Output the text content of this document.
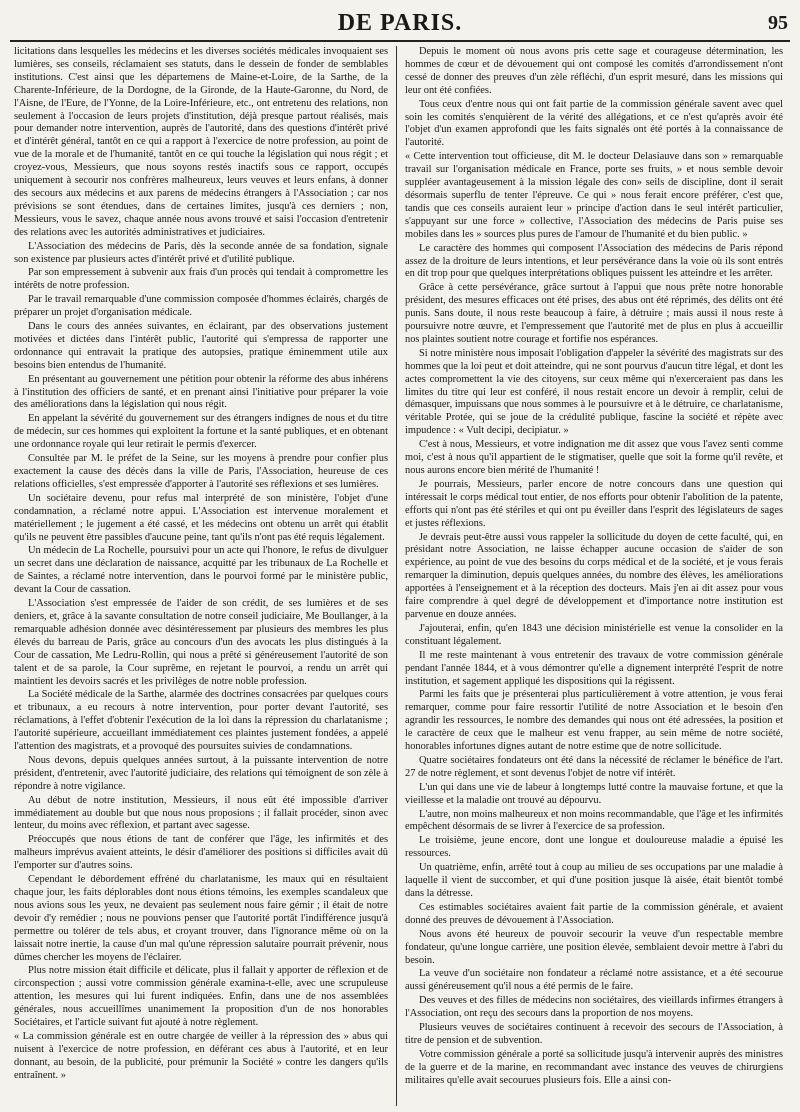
DE PARIS.	95

licitations dans lesquelles les médecins et les diverses sociétés médicales invoquaient ses lumières, ses conseils, réclamaient ses statuts, dans le dessein de fonder de semblables institutions. C'est ainsi que les départemens de Maine-et-Loire, de la Sarthe, de la Charente-Inférieure, de la Dordogne, de la Gironde, de la Haute-Garonne, du Nord, de l'Aisne, de l'Eure, de l'Yonne, de la Loire-Inférieure, etc., ont entretenu des relations, non seulement à l'occasion de leurs projets d'institution, déjà presque partout réalisés, mais pour demander notre intervention, auprès de l'autorité, dans des questions d'intérêt privé et d'intérêt général, tantôt en ce qui a rapport à l'exercice de notre profession, au point de vue de la morale et de l'humanité, tantôt en ce qui touche la législation qui nous régit ; et croyez-vous, Messieurs, que nous soyons restés inactifs sous ce rapport, occupés uniquement à secourir nos confrères malheureux, leurs veuves et leurs enfans, à donner des secours aux médecins et aux parens de médecins étrangers à l'Association ; car nos prévisions se sont étendues, dans de certaines limites, jusqu'à ces derniers ; non, Messieurs, vous le savez, chaque année nous avons trouvé et saisi l'occasion d'entretenir des relations avec les autorités administratives et judiciaires.

L'Association des médecins de Paris, dès la seconde année de sa fondation, signale son existence par plusieurs actes d'intérêt privé et d'utilité publique.

Par son empressement à subvenir aux frais d'un procès qui tendait à compromettre les intérêts de notre profession.

Par le travail remarquable d'une commission composée d'hommes éclairés, chargés de préparer un projet d'organisation médicale.

Dans le cours des années suivantes, en éclairant, par des observations justement motivées et dictées dans l'intérêt public, l'autorité qui s'empressa de rapporter une ordonnance qui entravait la pratique des autopsies, pratique éminemment utile aux besoins bien entendus de l'humanité.

En présentant au gouvernement une pétition pour obtenir la réforme des abus inhérens à l'institution des officiers de santé, et en prenant ainsi l'initiative pour préparer la voie des améliorations dans la législation qui nous régit.

En appelant la sévérité du gouvernement sur des étrangers indignes de nous et du titre de médecin, sur ces hommes qui exploitent la fortune et la santé publiques, et en obtenant une ordonnance royale qui leur retirait le permis d'exercer.

Consultée par M. le préfet de la Seine, sur les moyens à prendre pour confier plus exactement la cause des décès dans la ville de Paris, l'Association, heureuse de ces relations officielles, s'est empressée d'apporter à l'autorité ses réflexions et ses lumières.

Un sociétaire devenu, pour refus mal interprété de son ministère, l'objet d'une condamnation, a réclamé notre appui. L'Association est intervenue moralement et matériellement ; le jugement a été cassé, et les médecins ont obtenu un arrêt qui établit qu'ils ne peuvent être passibles d'aucune peine, tant qu'ils n'ont pas été requis légalement.

Un médecin de La Rochelle, poursuivi pour un acte qui l'honore, le refus de divulguer un secret dans une déclaration de naissance, acquitté par les tribunaux de La Rochelle et de Saintes, a réclamé notre intervention, dans le pourvoi formé par le ministère public, devant la Cour de cassation.

L'Association s'est empressée de l'aider de son crédit, de ses lumières et de ses deniers, et, grâce à la savante consultation de notre conseil judiciaire, Me Boullanger, à la remarquable adhésion donnée avec désintéressement par plusieurs des membres les plus élevés du barreau de Paris, grâce au concours d'un des avocats les plus distingués à la Cour de cassation, Me Ledru-Rollin, qui nous a prêté si généreusement l'autorité de son talent et de sa parole, la Cour suprême, en rejetant le pourvoi, a rendu un arrêt qui maintient les devoirs sacrés et les privilèges de notre noble profession.

La Société médicale de la Sarthe, alarmée des doctrines consacrées par quelques cours et tribunaux, a eu recours à notre intervention, pour porter devant l'autorité, ses réclamations, à l'effet d'obtenir l'exécution de la loi dans la répression du charlatanisme ; l'autorité supérieure, accueillant immédiatement ces plaintes justement fondées, a appelé l'attention des magistrats, et a provoqué des poursuites suivies de condamnations.

Nous devons, depuis quelques années surtout, à la puissante intervention de notre président, d'entretenir, avec l'autorité judiciaire, des relations qui témoignent de son zèle à répondre à notre vigilance.

Au début de notre institution, Messieurs, il nous eût été impossible d'arriver immédiatement au double but que nous nous proposions ; il fallait procéder, sinon avec lenteur, du moins avec réflexion, et partant avec sagesse.

Préoccupés que nous étions de tant de conférer que l'âge, les infirmités et des malheurs imprévus avaient atteints, le désir d'améliorer des positions si difficiles avait dû l'emporter sur d'autres soins.

Cependant le débordement effréné du charlatanisme, les maux qui en résultaient chaque jour, les faits déplorables dont nous étions témoins, les exemples scandaleux que nous avions sous les yeux, ne devaient pas seulement nous faire gémir ; il était de notre devoir d'y remédier ; nous ne pouvions penser que l'autorité portât l'indifférence jusqu'à permettre ou tolérer de tels abus, et croyant trouver, dans l'ignorance même où on la laissait notre inertie, la cause d'un mal qu'une répression salutaire pourrait prévenir, nous dûmes chercher les moyens de l'éclairer.

Plus notre mission était difficile et délicate, plus il fallait y apporter de réflexion et de circonspection ; aussi votre commission générale examina-t-elle, avec une scrupuleuse attention, les mesures qui lui furent indiquées. Enfin, dans une de nos assemblées générales, nous accueillîmes unanimement la proposition d'un de nos honorables Sociétaires, et l'article suivant fut ajouté à notre règlement.

« La commission générale est en outre chargée de veiller à la répression des » abus qui nuisent à l'exercice de notre profession, en déférant ces abus à l'autorité, et en leur donnant, au besoin, de la publicité, pour prémunir la Société » contre les dangers qu'ils entraînent. »

Depuis le moment où nous avons pris cette sage et courageuse détermination, les hommes de cœur et de dévouement qui ont composé les comités d'arrondissement n'ont cessé de donner des preuves d'un zèle réfléchi, d'un esprit mesuré, dans les missions qui leur ont été confiées.

Tous ceux d'entre nous qui ont fait partie de la commission générale savent avec quel soin les comités s'enquièrent de la vérité des allégations, et ce n'est qu'après avoir été l'objet d'un examen approfondi que les faits signalés ont été portés à la connaissance de l'autorité.

« Cette intervention tout officieuse, dit M. le docteur Delasiauve dans son » remarquable travail sur l'organisation médicale en France, porte ses fruits, » et nous semble devoir suppléer avantageusement à la mission légale des con» seils de discipline, dont il serait désormais superflu de tenter l'épreuve. Ce qui » nous ferait encore préférer, c'est que, tandis que ces conseils auraient leur » principe d'action dans le seul intérêt particulier, s'appuyant sur une force » collective, l'Association des médecins de Paris puise ses mobiles dans les » sources plus pures de l'amour de l'humanité et du bien public. »

Le caractère des hommes qui composent l'Association des médecins de Paris répond assez de la droiture de leurs intentions, et leur persévérance dans la voie où ils sont entrés en dit trop pour que quelques interprétations obliques puissent les atteindre et les arrêter.

Grâce à cette persévérance, grâce surtout à l'appui que nous prête notre honorable président, des mesures efficaces ont été prises, des abus ont été réprimés, des délits ont été punis. Sans doute, il nous reste beaucoup à faire, à détruire ; mais aussi il nous reste à poursuivre notre œuvre, et l'empressement que l'autorité met de plus en plus à accueillir nos plaintes soutient notre courage et fortifie nos espérances.

Si notre ministère nous imposait l'obligation d'appeler la sévérité des magistrats sur des hommes que la loi peut et doit atteindre, qui ne sont pourvus d'aucun titre légal, et dont les actes compromettent la vie des citoyens, sur ceux même qui n'exerceraient pas dans les limites du titre qui leur est conféré, il nous restait encore un devoir à remplir, celui de démasquer, impuissans que nous sommes à le poursuivre et à le détruire, ce charlatanisme, véritable Protée, qui se joue de la crédulité publique, fascine la société et répète avec impudence : « Vult decipi, decipiatur. »

C'est à nous, Messieurs, et votre indignation me dit assez que vous l'avez senti comme moi, c'est à nous qu'il appartient de le stigmatiser, quelle que soit la forme qu'il revête, et nous aurons encore bien mérité de l'humanité !

Je pourrais, Messieurs, parler encore de notre concours dans une question qui intéressait le corps médical tout entier, de nos efforts pour obtenir l'abolition de la patente, efforts qui n'ont pas été stériles et qui ont pu éveiller dans l'esprit des législateurs de sages et justes réflexions.

Je devrais peut-être aussi vous rappeler la sollicitude du doyen de cette faculté, qui, en présidant notre Association, ne laisse échapper aucune occasion de s'aider de son expérience, au point de vue des besoins du corps médical et de la société, et je vous ferais remarquer la diminution, depuis quelques années, du nombre des élèves, les améliorations apportées à l'enseignement et à la réception des docteurs. Mais j'en ai dit assez pour vous faire comprendre à quel degré de développement et d'importance notre institution est parvenue en douze années.

J'ajouterai, enfin, qu'en 1843 une décision ministérielle est venue la consolider en la constituant légalement.

Il me reste maintenant à vous entretenir des travaux de votre commission générale pendant l'année 1844, et à vous démontrer qu'elle a dignement interprété l'esprit de notre institution, et sagement appliqué les dispositions qui la régissent.

Parmi les faits que je présenterai plus particulièrement à votre attention, je vous ferai remarquer, comme pour faire ressortir l'utilité de notre Association et le besoin d'en agrandir les ressources, le nombre des demandes qui nous ont été adressées, la position et le caractère de ceux que le malheur est venu frapper, au sein même de notre société, honorables infortunes dignes autant de notre estime que de notre sollicitude.

Quatre sociétaires fondateurs ont été dans la nécessité de réclamer le bénéfice de l'art. 27 de notre règlement, et sont devenus l'objet de notre vif intérêt.

L'un qui dans une vie de labeur à longtemps lutté contre la mauvaise fortune, et que la vieillesse et la maladie ont trouvé au dépourvu.

L'autre, non moins malheureux et non moins recommandable, que l'âge et les infirmités empêchent désormais de se livrer à l'exercice de sa profession.

Le troisième, jeune encore, dont une longue et douloureuse maladie a épuisé les ressources.

Un quatrième, enfin, arrêté tout à coup au milieu de ses occupations par une maladie à laquelle il vient de succomber, et qui d'une position jusque là aisée, était bientôt tombé dans la détresse.

Ces estimables sociétaires avaient fait partie de la commission générale, et avaient donné des preuves de dévouement à l'Association.

Nous avons été heureux de pouvoir secourir la veuve d'un respectable membre fondateur, qu'une longue carrière, une position élevée, semblaient devoir mettre à l'abri du besoin.

La veuve d'un sociétaire non fondateur a réclamé notre assistance, et a été secourue aussi généreusement qu'il nous a été permis de le faire.

Des veuves et des filles de médecins non sociétaires, des vieillards infirmes étrangers à l'Association, ont reçu des secours dans la proportion de nos moyens.

Plusieurs veuves de sociétaires continuent à recevoir des secours de l'Association, à titre de pension et de subvention.

Votre commission générale a porté sa sollicitude jusqu'à intervenir auprès des ministres de la guerre et de la marine, en recommandant avec instance des veuves de chirurgiens militaires qu'elle avait secourues plusieurs fois. Elle a ainsi con-
